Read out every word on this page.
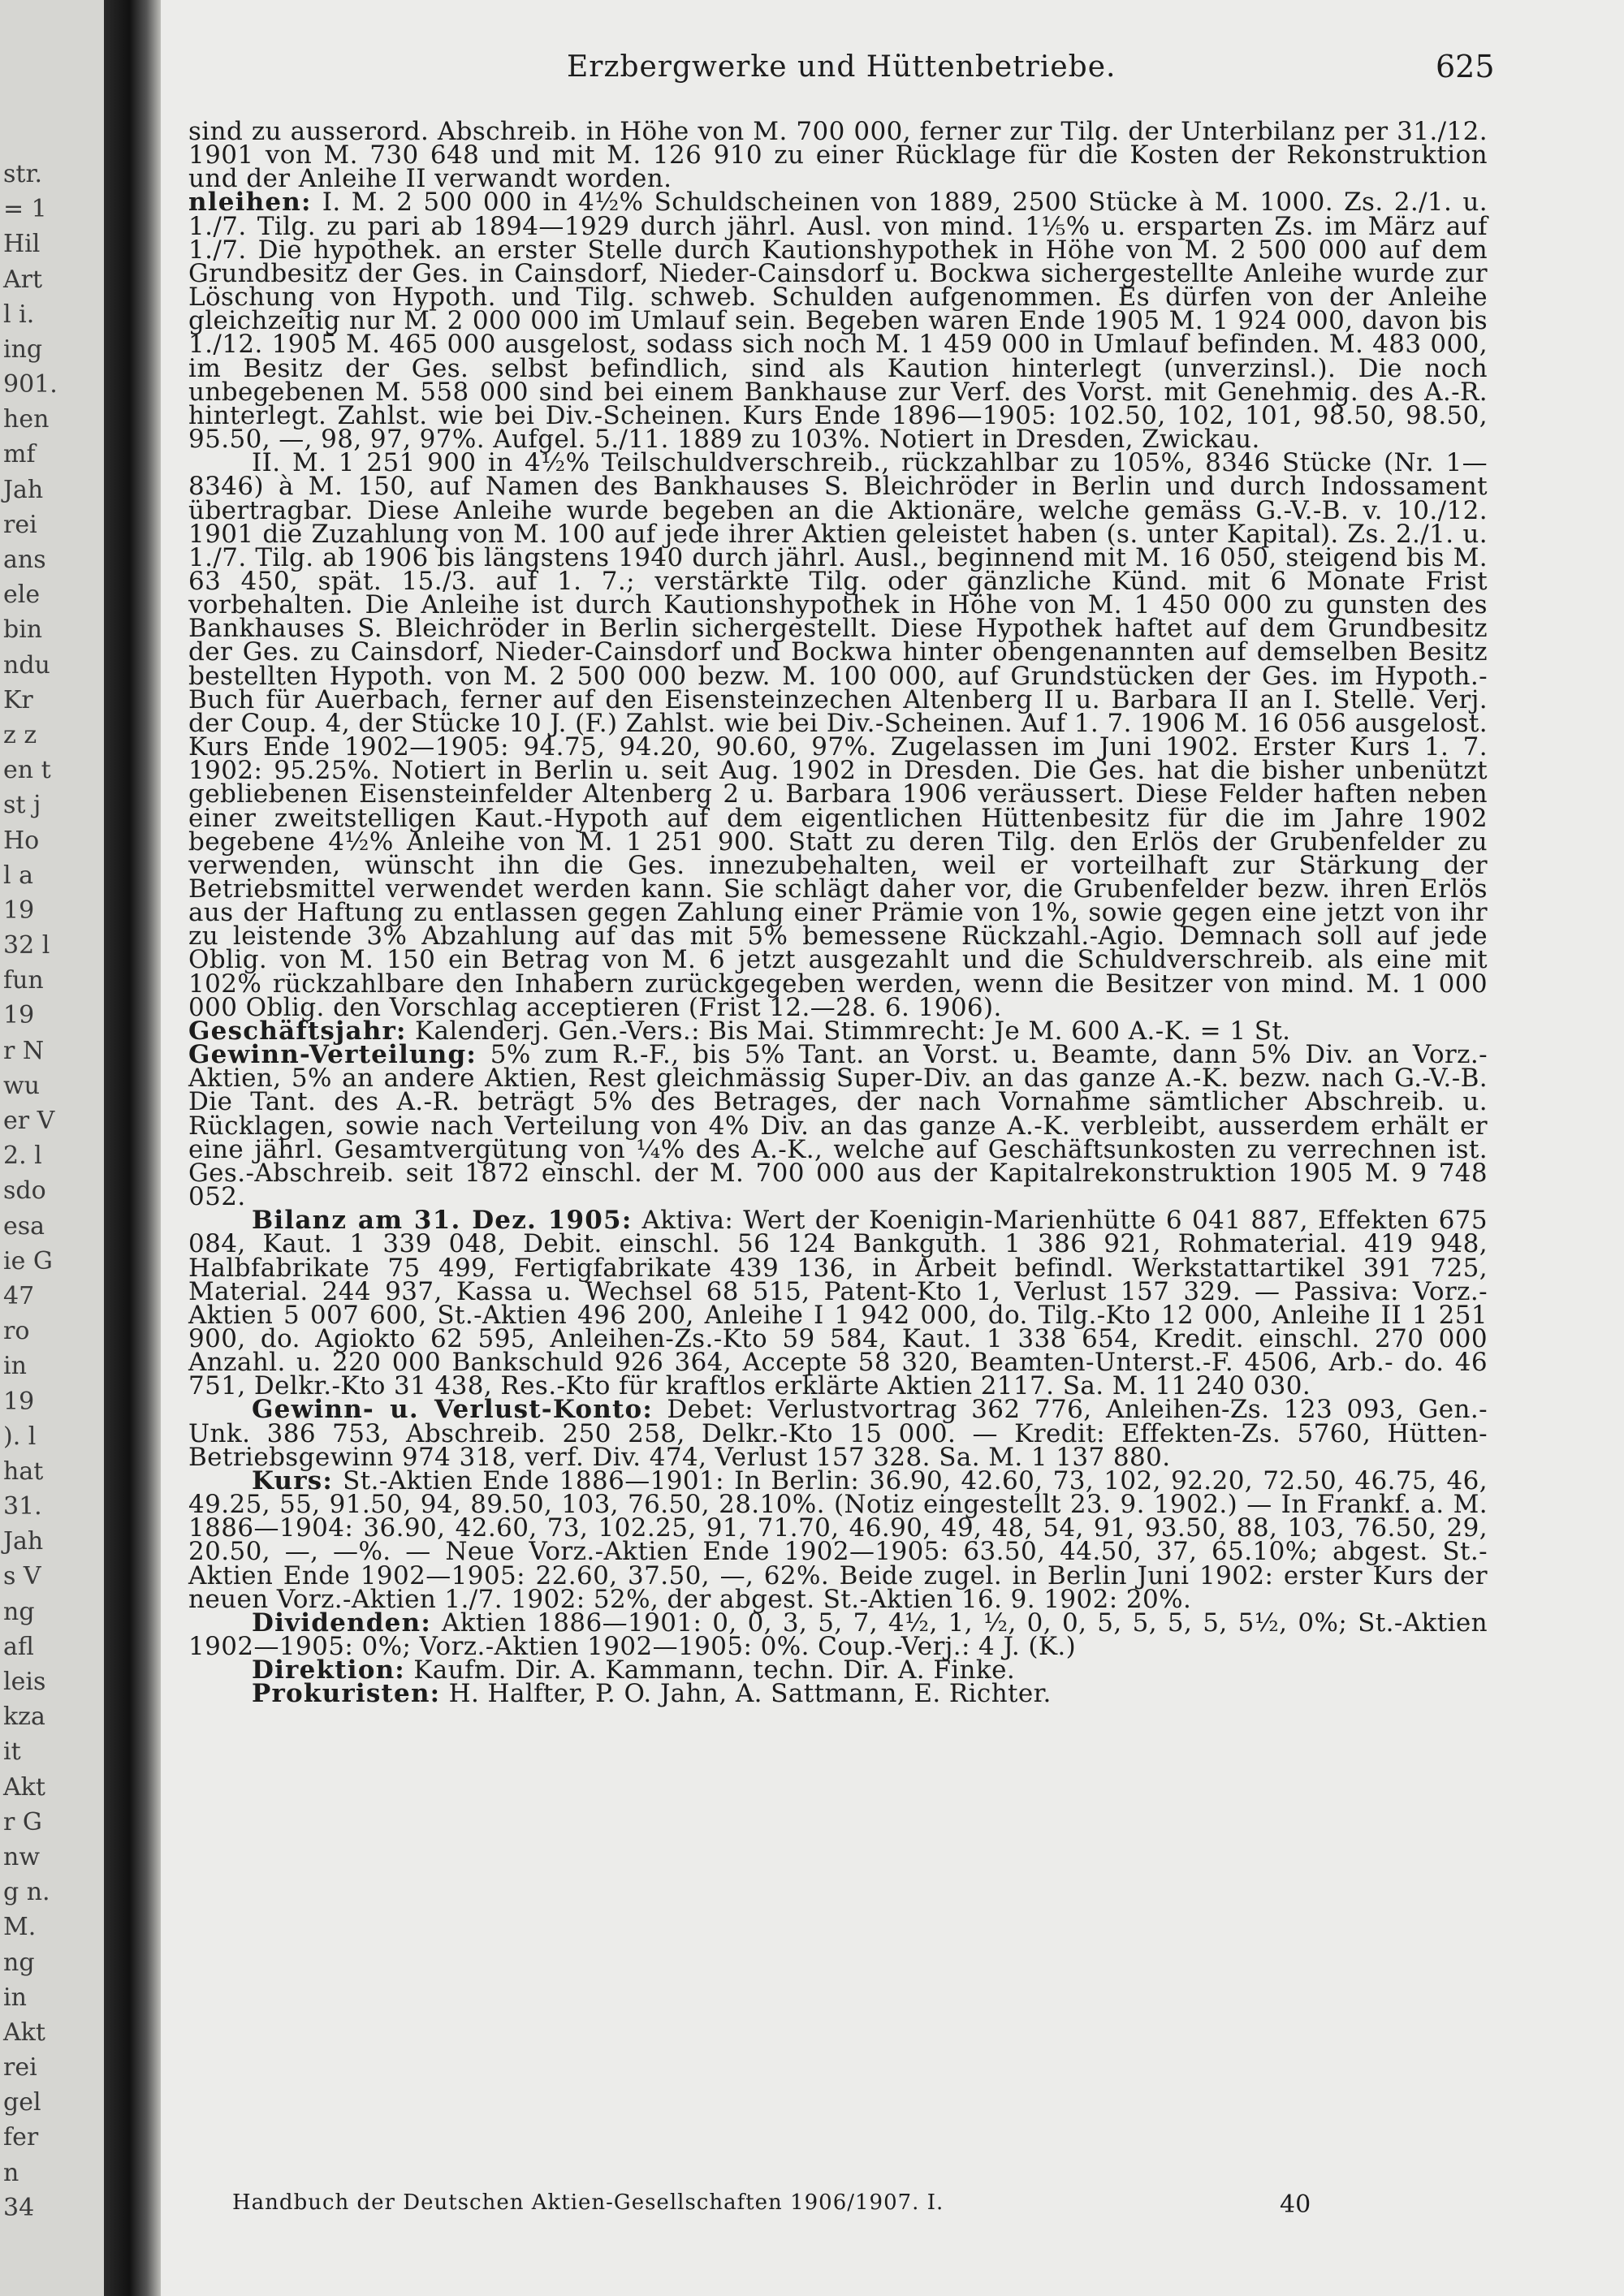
str.
= 1
Hil
Art
l i.
ing
901.
hen
mf
Jah
rei
ans
ele
bin
ndu
Kr
z z
en t
st j
Ho
l a
19
32 l
fun
19
r N
wu
er V
2. l
sdo
esa
ie G
47
ro
in
19
). l
hat
31.
Jah
s V
ng
afl
leis
kza
it
Akt
r G
nw
g n.
M.
ng
in
Akt
rei
gel
fer
n
34
Erzbergwerke und Hüttenbetriebe.	625

sind zu ausserord. Abschreib. in Höhe von M. 700 000, ferner zur Tilg. der Unterbilanz per 31./12. 1901 von M. 730 648 und mit M. 126 910 zu einer Rücklage für die Kosten der Rekonstruktion und der Anleihe II verwandt worden.

nleihen: I. M. 2 500 000 in 4½% Schuldscheinen von 1889, 2500 Stücke à M. 1000. Zs. 2./1. u. 1./7. Tilg. zu pari ab 1894—1929 durch jährl. Ausl. von mind. 1⅕% u. ersparten Zs. im März auf 1./7. Die hypothek. an erster Stelle durch Kautionshypothek in Höhe von M. 2 500 000 auf dem Grundbesitz der Ges. in Cainsdorf, Nieder-Cainsdorf u. Bockwa sichergestellte Anleihe wurde zur Löschung von Hypoth. und Tilg. schweb. Schulden aufgenommen. Es dürfen von der Anleihe gleichzeitig nur M. 2 000 000 im Umlauf sein. Begeben waren Ende 1905 M. 1 924 000, davon bis 1./12. 1905 M. 465 000 ausgelost, sodass sich noch M. 1 459 000 in Umlauf befinden. M. 483 000, im Besitz der Ges. selbst befindlich, sind als Kaution hinterlegt (unverzinsl.). Die noch unbegebenen M. 558 000 sind bei einem Bankhause zur Verf. des Vorst. mit Genehmig. des A.-R. hinterlegt. Zahlst. wie bei Div.-Scheinen. Kurs Ende 1896—1905: 102.50, 102, 101, 98.50, 98.50, 95.50, —, 98, 97, 97%. Aufgel. 5./11. 1889 zu 103%. Notiert in Dresden, Zwickau.

II. M. 1 251 900 in 4½% Teilschuldverschreib., rückzahlbar zu 105%, 8346 Stücke (Nr. 1—8346) à M. 150, auf Namen des Bankhauses S. Bleichröder in Berlin und durch Indossament übertragbar. Diese Anleihe wurde begeben an die Aktionäre, welche gemäss G.-V.-B. v. 10./12. 1901 die Zuzahlung von M. 100 auf jede ihrer Aktien geleistet haben (s. unter Kapital). Zs. 2./1. u. 1./7. Tilg. ab 1906 bis längstens 1940 durch jährl. Ausl., beginnend mit M. 16 050, steigend bis M. 63 450, spät. 15./3. auf 1. 7.; verstärkte Tilg. oder gänzliche Künd. mit 6 Monate Frist vorbehalten. Die Anleihe ist durch Kautionshypothek in Höhe von M. 1 450 000 zu gunsten des Bankhauses S. Bleichröder in Berlin sichergestellt. Diese Hypothek haftet auf dem Grundbesitz der Ges. zu Cainsdorf, Nieder-Cainsdorf und Bockwa hinter obengenannten auf demselben Besitz bestellten Hypoth. von M. 2 500 000 bezw. M. 100 000, auf Grundstücken der Ges. im Hypoth.-Buch für Auerbach, ferner auf den Eisensteinzechen Altenberg II u. Barbara II an I. Stelle. Verj. der Coup. 4, der Stücke 10 J. (F.) Zahlst. wie bei Div.-Scheinen. Auf 1. 7. 1906 M. 16 056 ausgelost. Kurs Ende 1902—1905: 94.75, 94.20, 90.60, 97%. Zugelassen im Juni 1902. Erster Kurs 1. 7. 1902: 95.25%. Notiert in Berlin u. seit Aug. 1902 in Dresden. Die Ges. hat die bisher unbenützt gebliebenen Eisensteinfelder Altenberg 2 u. Barbara 1906 veräussert. Diese Felder haften neben einer zweitstelligen Kaut.-Hypoth auf dem eigentlichen Hüttenbesitz für die im Jahre 1902 begebene 4½% Anleihe von M. 1 251 900. Statt zu deren Tilg. den Erlös der Grubenfelder zu verwenden, wünscht ihn die Ges. innezubehalten, weil er vorteilhaft zur Stärkung der Betriebsmittel verwendet werden kann. Sie schlägt daher vor, die Grubenfelder bezw. ihren Erlös aus der Haftung zu entlassen gegen Zahlung einer Prämie von 1%, sowie gegen eine jetzt von ihr zu leistende 3% Abzahlung auf das mit 5% bemessene Rückzahl.-Agio. Demnach soll auf jede Oblig. von M. 150 ein Betrag von M. 6 jetzt ausgezahlt und die Schuldverschreib. als eine mit 102% rückzahlbare den Inhabern zurückgegeben werden, wenn die Besitzer von mind. M. 1 000 000 Oblig. den Vorschlag acceptieren (Frist 12.—28. 6. 1906).

Geschäftsjahr: Kalenderj. Gen.-Vers.: Bis Mai. Stimmrecht: Je M. 600 A.-K. = 1 St.

Gewinn-Verteilung: 5% zum R.-F., bis 5% Tant. an Vorst. u. Beamte, dann 5% Div. an Vorz.-Aktien, 5% an andere Aktien, Rest gleichmässig Super-Div. an das ganze A.-K. bezw. nach G.-V.-B. Die Tant. des A.-R. beträgt 5% des Betrages, der nach Vornahme sämtlicher Abschreib. u. Rücklagen, sowie nach Verteilung von 4% Div. an das ganze A.-K. verbleibt, ausserdem erhält er eine jährl. Gesamtvergütung von ¼% des A.-K., welche auf Geschäftsunkosten zu verrechnen ist. Ges.-Abschreib. seit 1872 einschl. der M. 700 000 aus der Kapitalrekonstruktion 1905 M. 9 748 052.

Bilanz am 31. Dez. 1905: Aktiva: Wert der Koenigin-Marienhütte 6 041 887, Effekten 675 084, Kaut. 1 339 048, Debit. einschl. 56 124 Bankguth. 1 386 921, Rohmaterial. 419 948, Halbfabrikate 75 499, Fertigfabrikate 439 136, in Arbeit befindl. Werkstattartikel 391 725, Material. 244 937, Kassa u. Wechsel 68 515, Patent-Kto 1, Verlust 157 329. — Passiva: Vorz.-Aktien 5 007 600, St.-Aktien 496 200, Anleihe I 1 942 000, do. Tilg.-Kto 12 000, Anleihe II 1 251 900, do. Agiokto 62 595, Anleihen-Zs.-Kto 59 584, Kaut. 1 338 654, Kredit. einschl. 270 000 Anzahl. u. 220 000 Bankschuld 926 364, Accepte 58 320, Beamten-Unterst.-F. 4506, Arb.- do. 46 751, Delkr.-Kto 31 438, Res.-Kto für kraftlos erklärte Aktien 2117. Sa. M. 11 240 030.

Gewinn- u. Verlust-Konto: Debet: Verlustvortrag 362 776, Anleihen-Zs. 123 093, Gen.-Unk. 386 753, Abschreib. 250 258, Delkr.-Kto 15 000. — Kredit: Effekten-Zs. 5760, Hütten-Betriebsgewinn 974 318, verf. Div. 474, Verlust 157 328. Sa. M. 1 137 880.

Kurs: St.-Aktien Ende 1886—1901: In Berlin: 36.90, 42.60, 73, 102, 92.20, 72.50, 46.75, 46, 49.25, 55, 91.50, 94, 89.50, 103, 76.50, 28.10%. (Notiz eingestellt 23. 9. 1902.) — In Frankf. a. M. 1886—1904: 36.90, 42.60, 73, 102.25, 91, 71.70, 46.90, 49, 48, 54, 91, 93.50, 88, 103, 76.50, 29, 20.50, —, —%. — Neue Vorz.-Aktien Ende 1902—1905: 63.50, 44.50, 37, 65.10%; abgest. St.-Aktien Ende 1902—1905: 22.60, 37.50, —, 62%. Beide zugel. in Berlin Juni 1902: erster Kurs der neuen Vorz.-Aktien 1./7. 1902: 52%, der abgest. St.-Aktien 16. 9. 1902: 20%.

Dividenden: Aktien 1886—1901: 0, 0, 3, 5, 7, 4½, 1, ½, 0, 0, 5, 5, 5, 5, 5½, 0%; St.-Aktien 1902—1905: 0%; Vorz.-Aktien 1902—1905: 0%. Coup.-Verj.: 4 J. (K.)

Direktion: Kaufm. Dir. A. Kammann, techn. Dir. A. Finke.

Prokuristen: H. Halfter, P. O. Jahn, A. Sattmann, E. Richter.

Handbuch der Deutschen Aktien-Gesellschaften 1906/1907. I.	40
